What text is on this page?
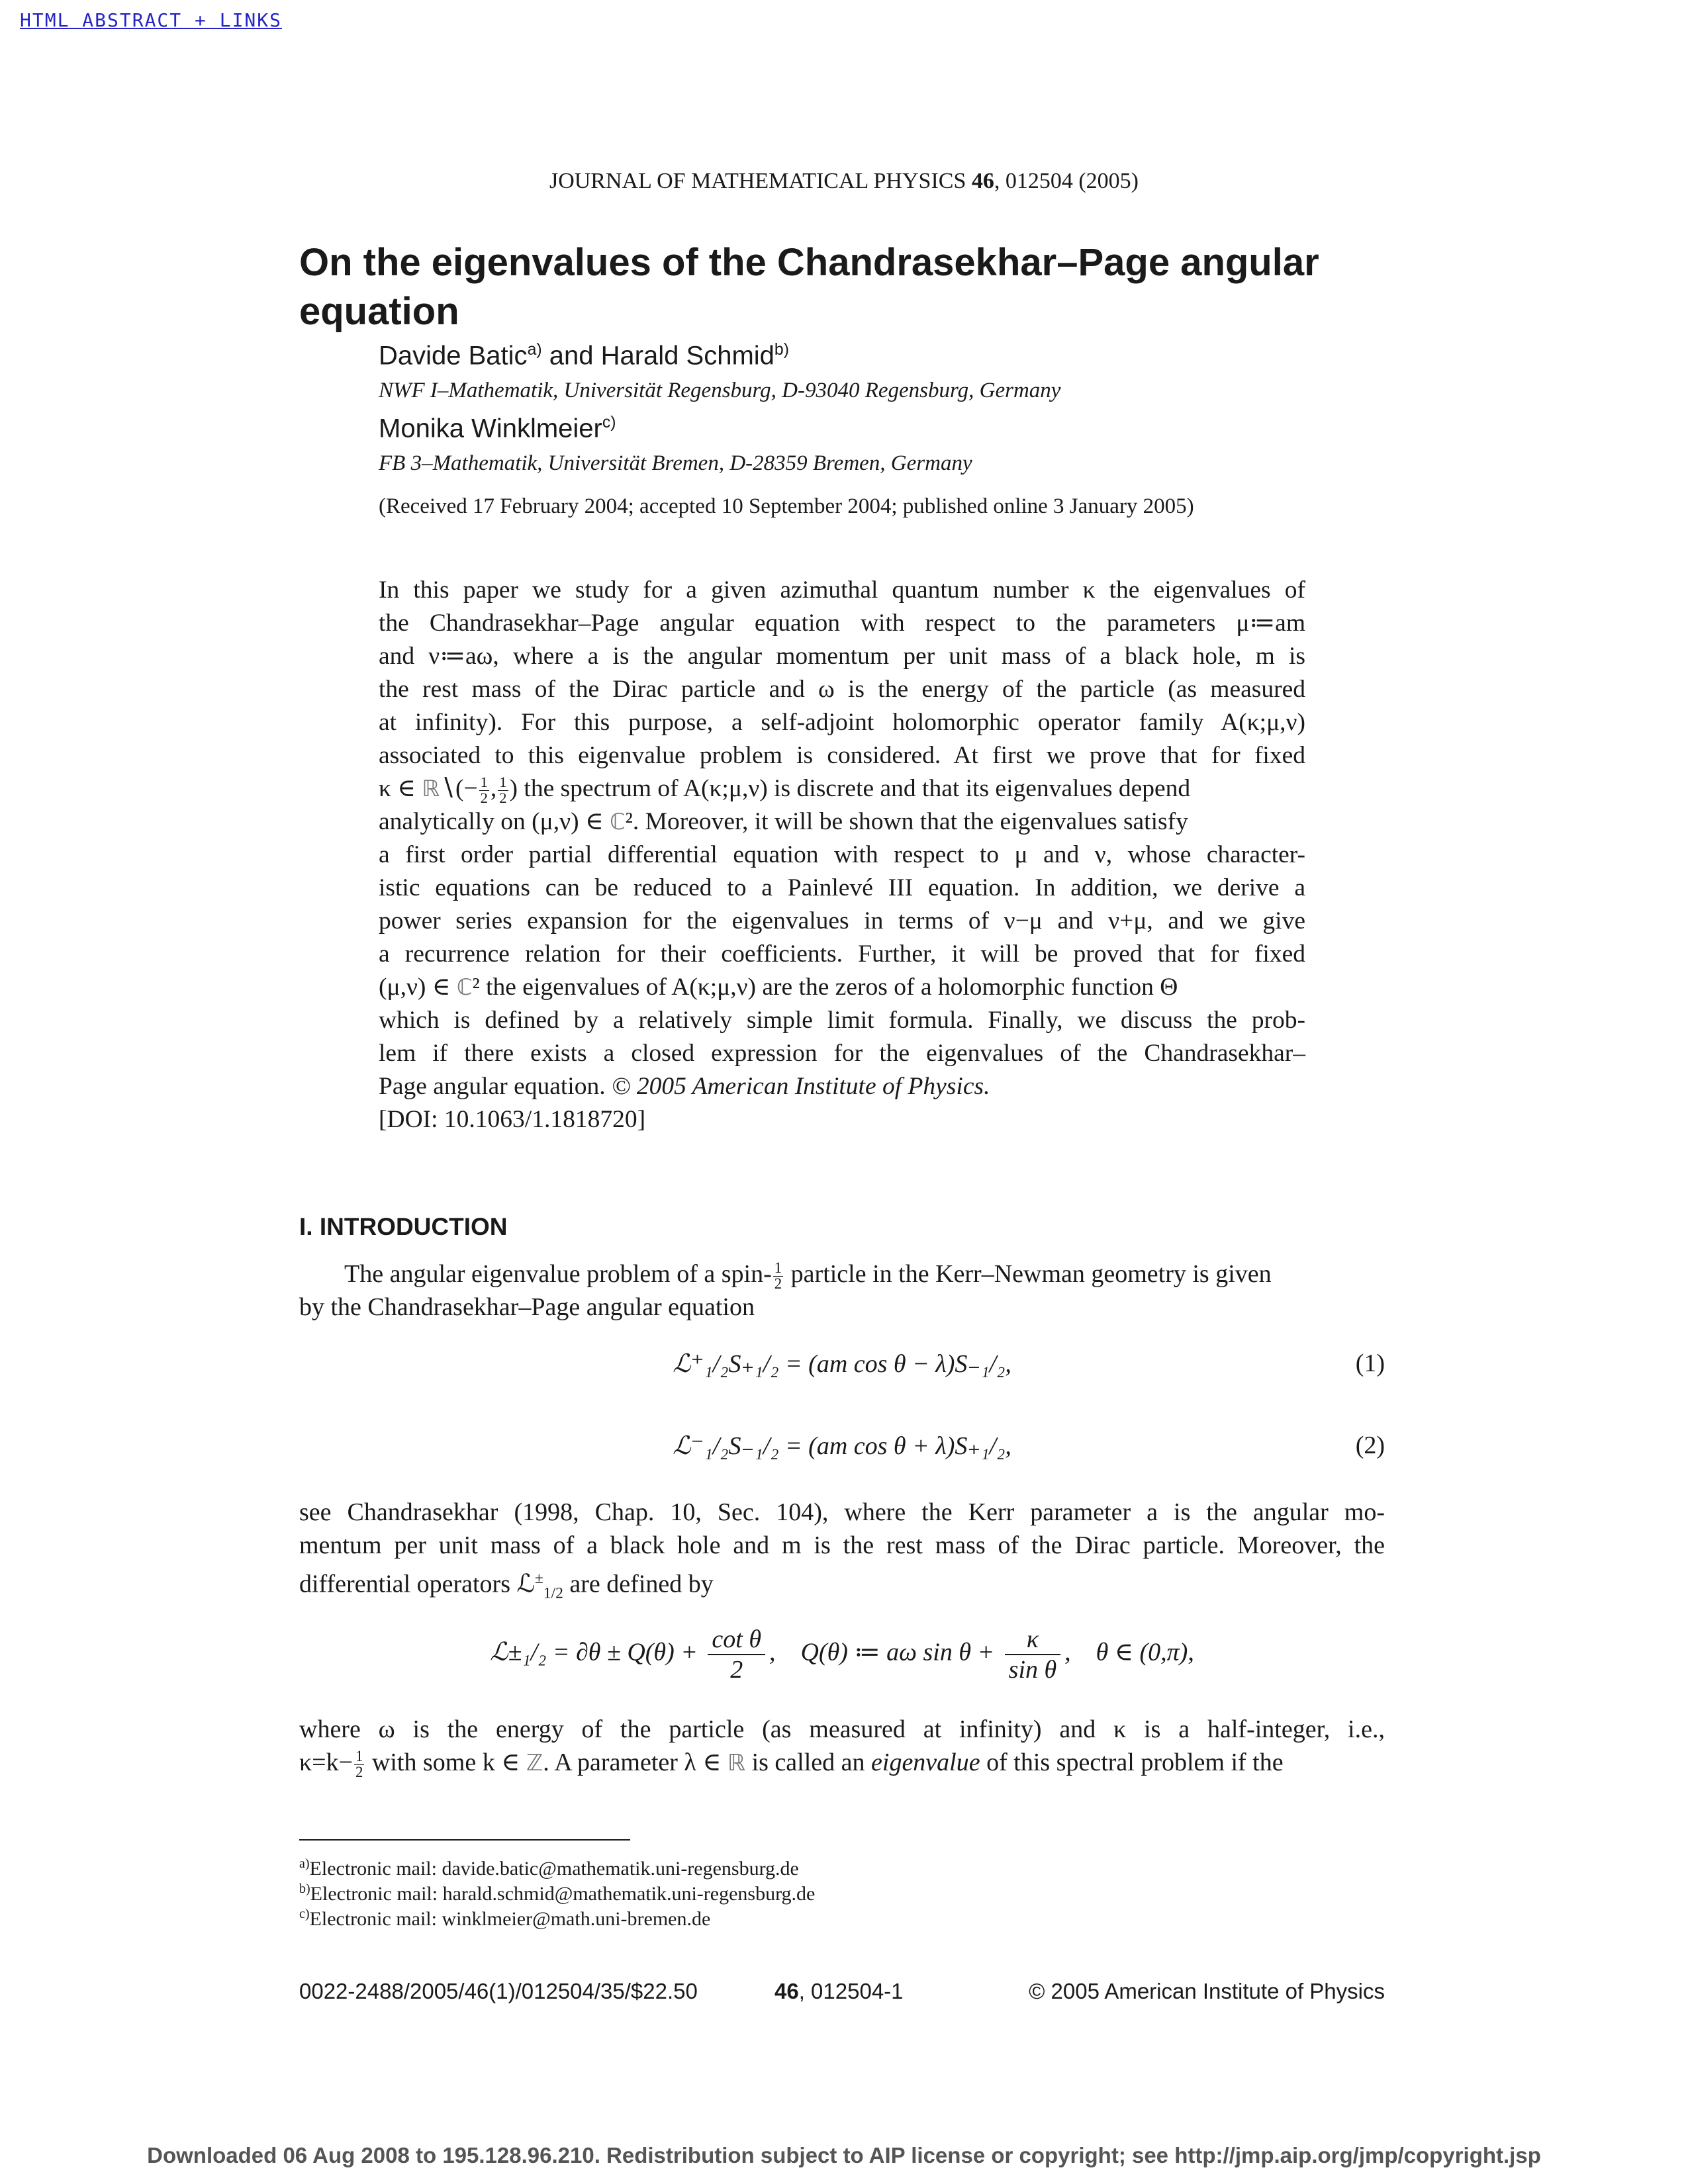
HTML ABSTRACT + LINKS
JOURNAL OF MATHEMATICAL PHYSICS 46, 012504 (2005)
On the eigenvalues of the Chandrasekhar–Page angular
equation
Davide Batic$^{a)}$ and Harald Schmid$^{b)}$
NWF I–Mathematik, Universität Regensburg, D-93040 Regensburg, Germany
Monika Winklmeier$^{c)}$
FB 3–Mathematik, Universität Bremen, D-28359 Bremen, Germany
(Received 17 February 2004; accepted 10 September 2004; published online 3 January 2005)
In this paper we study for a given azimuthal quantum number κ the eigenvalues of
the Chandrasekhar–Page angular equation with respect to the parameters μ≔am
and ν≔aω, where a is the angular momentum per unit mass of a black hole, m is
the rest mass of the Dirac particle and ω is the energy of the particle (as measured
at infinity). For this purpose, a self-adjoint holomorphic operator family A(κ;μ,ν)
associated to this eigenvalue problem is considered. At first we prove that for fixed
κ ∈ ℝ∖(− $\frac{1}{2}$ , $\frac{1}{2}$ ) the spectrum of A(κ;μ,ν) is discrete and that its eigenvalues depend
analytically on (μ,ν) ∈ ℂ². Moreover, it will be shown that the eigenvalues satisfy
a first order partial differential equation with respect to μ and ν, whose character-
istic equations can be reduced to a Painlevé III equation. In addition, we derive a
power series expansion for the eigenvalues in terms of ν−μ and ν+μ, and we give
a recurrence relation for their coefficients. Further, it will be proved that for fixed
(μ,ν) ∈ ℂ² the eigenvalues of A(κ;μ,ν) are the zeros of a holomorphic function Θ
which is defined by a relatively simple limit formula. Finally, we discuss the prob-
lem if there exists a closed expression for the eigenvalues of the Chandrasekhar–
Page angular equation. © 2005 American Institute of Physics.
[DOI: 10.1063/1.1818720]
I. INTRODUCTION
The angular eigenvalue problem of a spin- $\frac{1}{2}$ particle in the Kerr–Newman geometry is given
by the Chandrasekhar–Page angular equation
ℒ⁺₁/₂S₊₁/₂ = (am cos θ − λ)S₋₁/₂,	(1)
ℒ⁻₁/₂S₋₁/₂ = (am cos θ + λ)S₊₁/₂,	(2)
see Chandrasekhar (1998, Chap. 10, Sec. 104), where the Kerr parameter a is the angular mo-
mentum per unit mass of a black hole and m is the rest mass of the Dirac particle. Moreover, the
differential operators ℒ±$_{1/2}$ are defined by
ℒ±₁/₂ = $\partial\theta \pm Q(\theta) + \frac{\text{cot θ}}{2}$ ,    Q(θ) ≔ aω $\sin \theta + \frac{\kappa}{\text{sin θ}}$ ,    θ ∈ (0,π),
where ω is the energy of the particle (as measured at infinity) and κ is a half-integer, i.e.,
$\kappa=k- \frac{1}{2}$ with some k ∈ ℤ. A parameter λ ∈ ℝ is called an eigenvalue of this spectral problem if the
$^{a)}$Electronic mail: davide.batic@mathematik.uni-regensburg.de
$^{b)}$Electronic mail: harald.schmid@mathematik.uni-regensburg.de
$^{c)}$Electronic mail: winklmeier@math.uni-bremen.de
0022-2488/2005/46(1)/012504/35/$22.50	46, 012504-1	© 2005 American Institute of Physics
Downloaded 06 Aug 2008 to 195.128.96.210. Redistribution subject to AIP license or copyright; see http://jmp.aip.org/jmp/copyright.jsp
